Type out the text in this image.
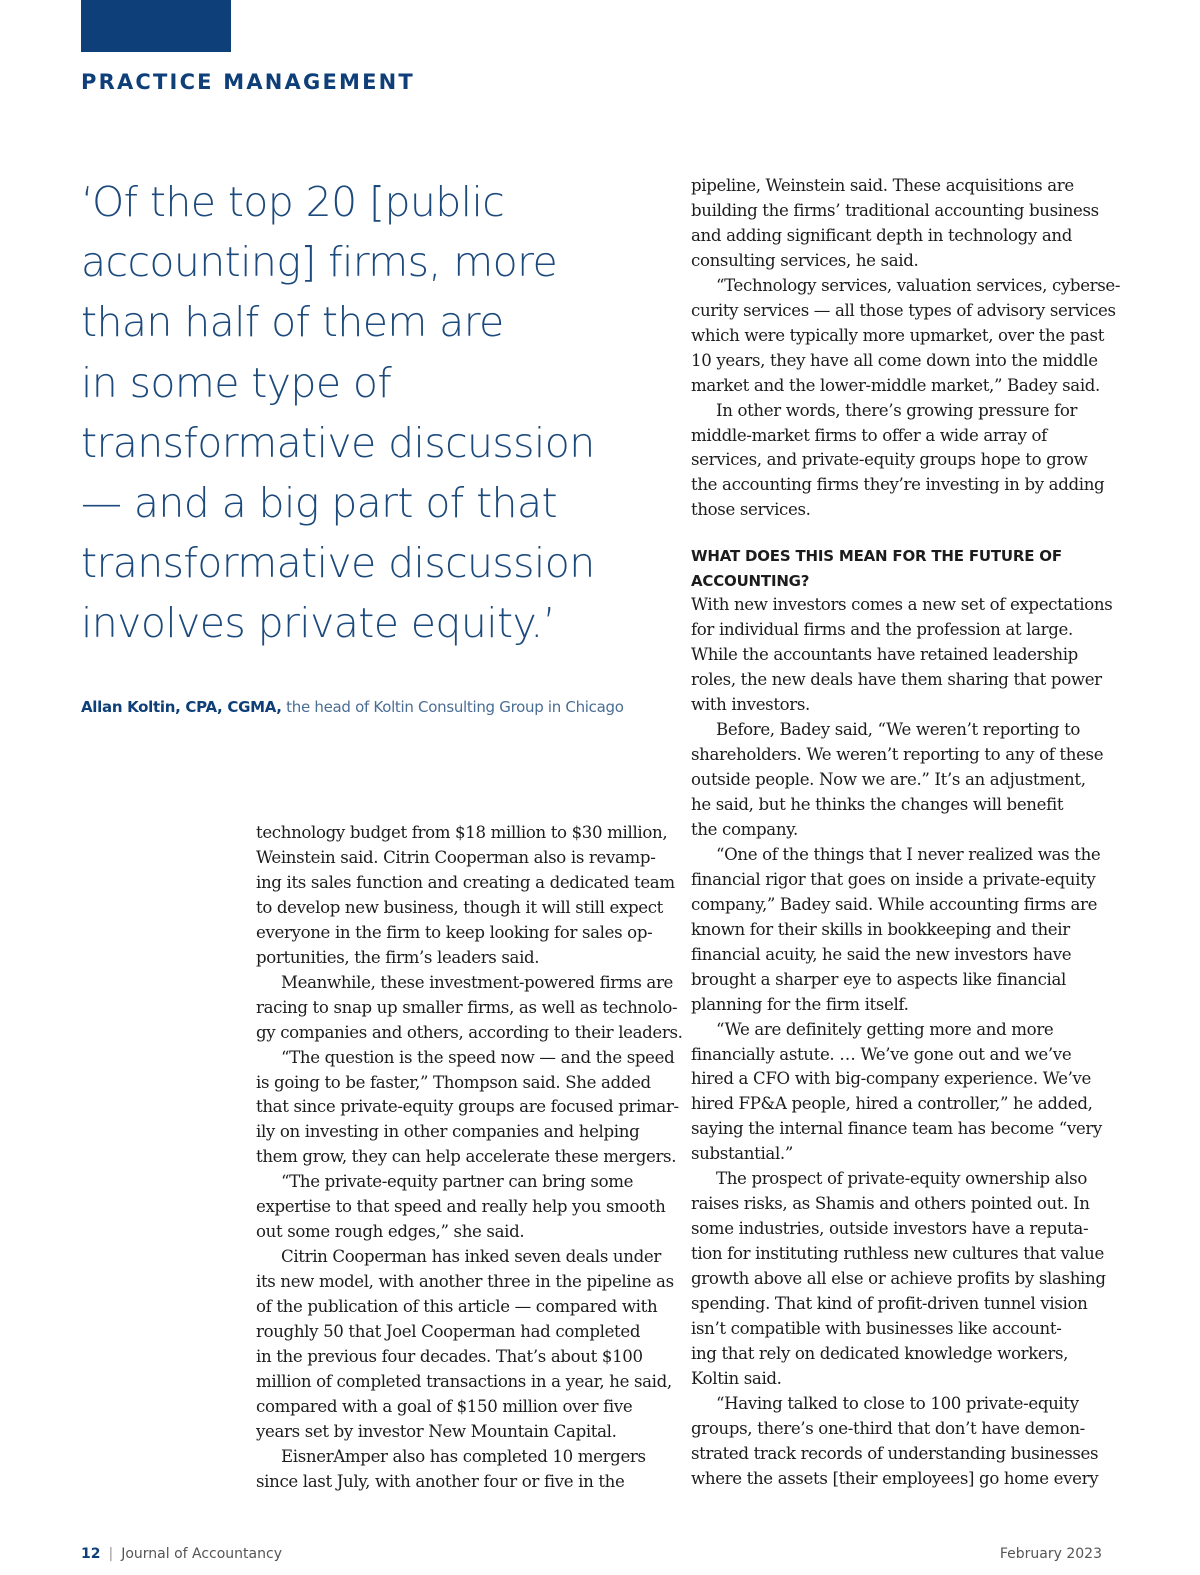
PRACTICE MANAGEMENT
‘Of the top 20 [public
accounting] firms, more
than half of them are
in some type of
transformative discussion
— and a big part of that
transformative discussion
involves private equity.’
Allan Koltin, CPA, CGMA, the head of Koltin Consulting Group in Chicago
technology budget from $18 million to $30 million,
Weinstein said. Citrin Cooperman also is revamp-
ing its sales function and creating a dedicated team
to develop new business, though it will still expect
everyone in the firm to keep looking for sales op-
portunities, the firm’s leaders said.
Meanwhile, these investment-powered firms are
racing to snap up smaller firms, as well as technolo-
gy companies and others, according to their leaders.
“The question is the speed now — and the speed
is going to be faster,” Thompson said. She added
that since private-equity groups are focused primar-
ily on investing in other companies and helping
them grow, they can help accelerate these mergers.
“The private-equity partner can bring some
expertise to that speed and really help you smooth
out some rough edges,” she said.
Citrin Cooperman has inked seven deals under
its new model, with another three in the pipeline as
of the publication of this article — compared with
roughly 50 that Joel Cooperman had completed
in the previous four decades. That’s about $100
million of completed transactions in a year, he said,
compared with a goal of $150 million over five
years set by investor New Mountain Capital.
EisnerAmper also has completed 10 mergers
since last July, with another four or five in the
pipeline, Weinstein said. These acquisitions are
building the firms’ traditional accounting business
and adding significant depth in technology and
consulting services, he said.
“Technology services, valuation services, cyberse-
curity services — all those types of advisory services
which were typically more upmarket, over the past
10 years, they have all come down into the middle
market and the lower-middle market,” Badey said.
In other words, there’s growing pressure for
middle-market firms to offer a wide array of
services, and private-equity groups hope to grow
the accounting firms they’re investing in by adding
those services.
WHAT DOES THIS MEAN FOR THE FUTURE OF
ACCOUNTING?
With new investors comes a new set of expectations
for individual firms and the profession at large.
While the accountants have retained leadership
roles, the new deals have them sharing that power
with investors.
Before, Badey said, “We weren’t reporting to
shareholders. We weren’t reporting to any of these
outside people. Now we are.” It’s an adjustment,
he said, but he thinks the changes will benefit
the company.
“One of the things that I never realized was the
financial rigor that goes on inside a private-equity
company,” Badey said. While accounting firms are
known for their skills in bookkeeping and their
financial acuity, he said the new investors have
brought a sharper eye to aspects like financial
planning for the firm itself.
“We are definitely getting more and more
financially astute. … We’ve gone out and we’ve
hired a CFO with big-company experience. We’ve
hired FP&A people, hired a controller,” he added,
saying the internal finance team has become “very
substantial.”
The prospect of private-equity ownership also
raises risks, as Shamis and others pointed out. In
some industries, outside investors have a reputa-
tion for instituting ruthless new cultures that value
growth above all else or achieve profits by slashing
spending. That kind of profit-driven tunnel vision
isn’t compatible with businesses like account-
ing that rely on dedicated knowledge workers,
Koltin said.
“Having talked to close to 100 private-equity
groups, there’s one-third that don’t have demon-
strated track records of understanding businesses
where the assets [their employees] go home every
12 | Journal of Accountancy	February 2023
